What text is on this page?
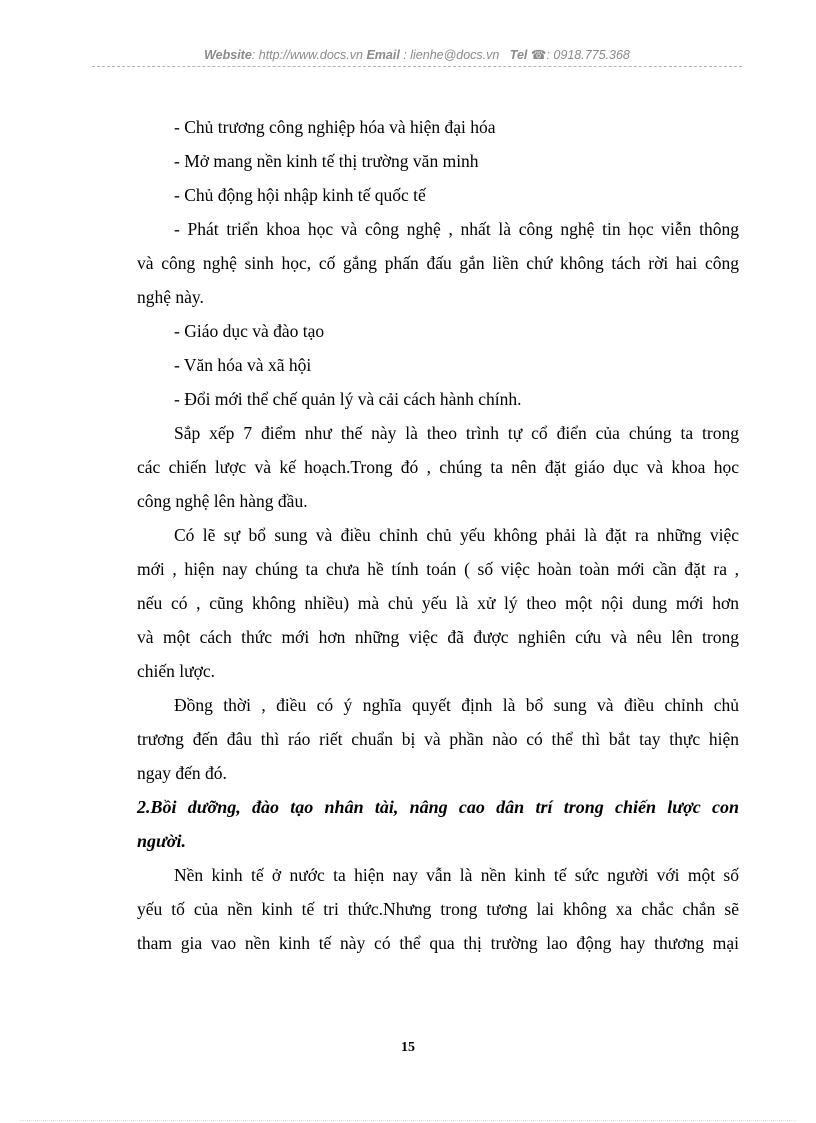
Website: http://www.docs.vn Email : lienhe@docs.vn Tel ☎: 0918.775.368
- Chủ trương công nghiệp hóa và hiện đại hóa
- Mở mang nền kinh tế thị trường văn minh
- Chủ động hội nhập kinh tế quốc tế
- Phát triển khoa học và công nghệ , nhất là công nghệ tin học viễn thông
và công nghệ sinh học, cố gắng phấn đấu gắn liền chứ không tách rời hai công
nghệ này.
- Giáo dục và đào tạo
- Văn hóa và xã hội
- Đổi mới thể chế quản lý và cải cách hành chính.
Sắp xếp 7 điểm như thế này là theo trình tự cổ điển của chúng ta trong
các chiến lược và kế hoạch.Trong đó , chúng ta nên đặt giáo dục và khoa học
công nghệ lên hàng đầu.
Có lẽ sự bổ sung và điều chỉnh chủ yếu không phải là đặt ra những việc
mới , hiện nay chúng ta chưa hề tính toán ( số việc hoàn toàn mới cần đặt ra ,
nếu có , cũng không nhiều) mà chủ yếu là xử lý theo một nội dung mới hơn
và một cách thức mới hơn những việc đã được nghiên cứu và nêu lên trong
chiến lược.
Đồng thời , điều có ý nghĩa quyết định là bổ sung và điều chỉnh chủ
trương đến đâu thì ráo riết chuẩn bị và phần nào có thể thì bắt tay thực hiện
ngay đến đó.
2.Bồi dưỡng, đào tạo nhân tài, nâng cao dân trí trong chiến lược con
người.
Nền kinh tế ở nước ta hiện nay vẫn là nền kinh tế sức người với một số
yếu tố của nền kinh tế tri thức.Nhưng trong tương lai không xa chắc chắn sẽ
tham gia vao nền kinh tế này có thể qua thị trường lao động hay thương mại
15
